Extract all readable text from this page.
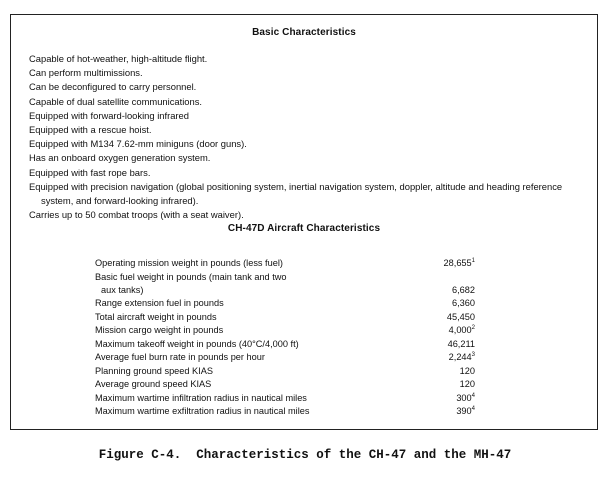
Basic Characteristics
Capable of hot-weather, high-altitude flight.
Can perform multimissions.
Can be deconfigured to carry personnel.
Capable of dual satellite communications.
Equipped with forward-looking infrared
Equipped with a rescue hoist.
Equipped with M134 7.62-mm miniguns (door guns).
Has an onboard oxygen generation system.
Equipped with fast rope bars.
Equipped with precision navigation (global positioning system, inertial navigation system, doppler, altitude and heading reference system, and forward-looking infrared).
Carries up to 50 combat troops (with a seat waiver).
CH-47D Aircraft Characteristics
Operating mission weight in pounds (less fuel)	28,655$^1$
Basic fuel weight in pounds (main tank and two
aux tanks)	6,682
Range extension fuel in pounds	6,360
Total aircraft weight in pounds	45,450
Mission cargo weight in pounds	4,000$^2$
Maximum takeoff weight in pounds (40°C/4,000 ft)	46,211
Average fuel burn rate in pounds per hour	2,244$^3$
Planning ground speed KIAS	120
Average ground speed KIAS	120
Maximum wartime infiltration radius in nautical miles	$300^4$
Maximum wartime exfiltration radius in nautical miles	$390^4$
Figure C-4.  Characteristics of the CH-47 and the MH-47
